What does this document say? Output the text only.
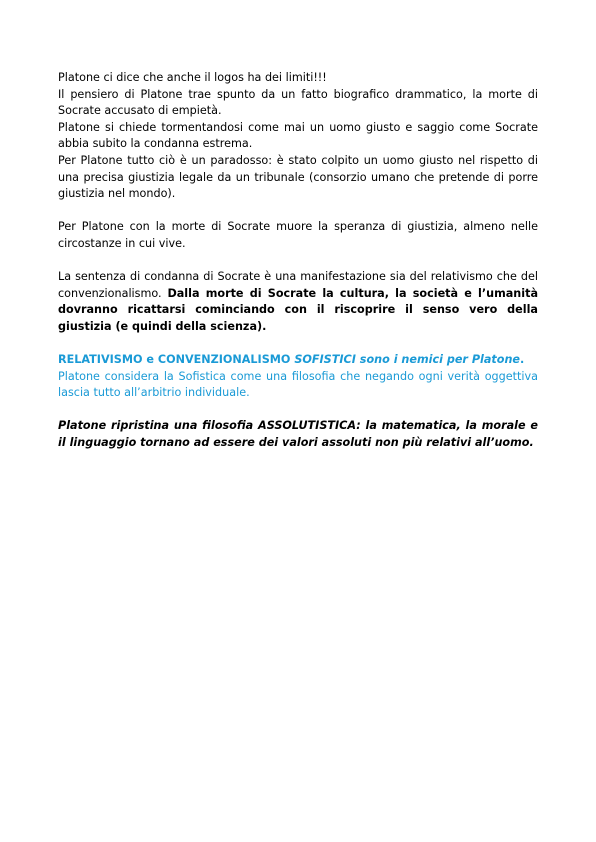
Platone ci dice che anche il logos ha dei limiti!!!

Il pensiero di Platone trae spunto da un fatto biografico drammatico, la morte di Socrate accusato di empietà.

Platone si chiede tormentandosi come mai un uomo giusto e saggio come Socrate abbia subito la condanna estrema.

Per Platone tutto ciò è un paradosso: è stato colpito un uomo giusto nel rispetto di una precisa giustizia legale da un tribunale (consorzio umano che pretende di porre giustizia nel mondo).

Per Platone con la morte di Socrate muore la speranza di giustizia, almeno nelle circostanze in cui vive.

La sentenza di condanna di Socrate è una manifestazione sia del relativismo che del convenzionalismo. Dalla morte di Socrate la cultura, la società e l’umanità dovranno ricattarsi cominciando con il riscoprire il senso vero della giustizia (e quindi della scienza).

RELATIVISMO e CONVENZIONALISMO SOFISTICI sono i nemici per Platone.

Platone considera la Sofistica come una filosofia che negando ogni verità oggettiva lascia tutto all’arbitrio individuale.

Platone ripristina una filosofia ASSOLUTISTICA: la matematica, la morale e il linguaggio tornano ad essere dei valori assoluti non più relativi all’uomo.
